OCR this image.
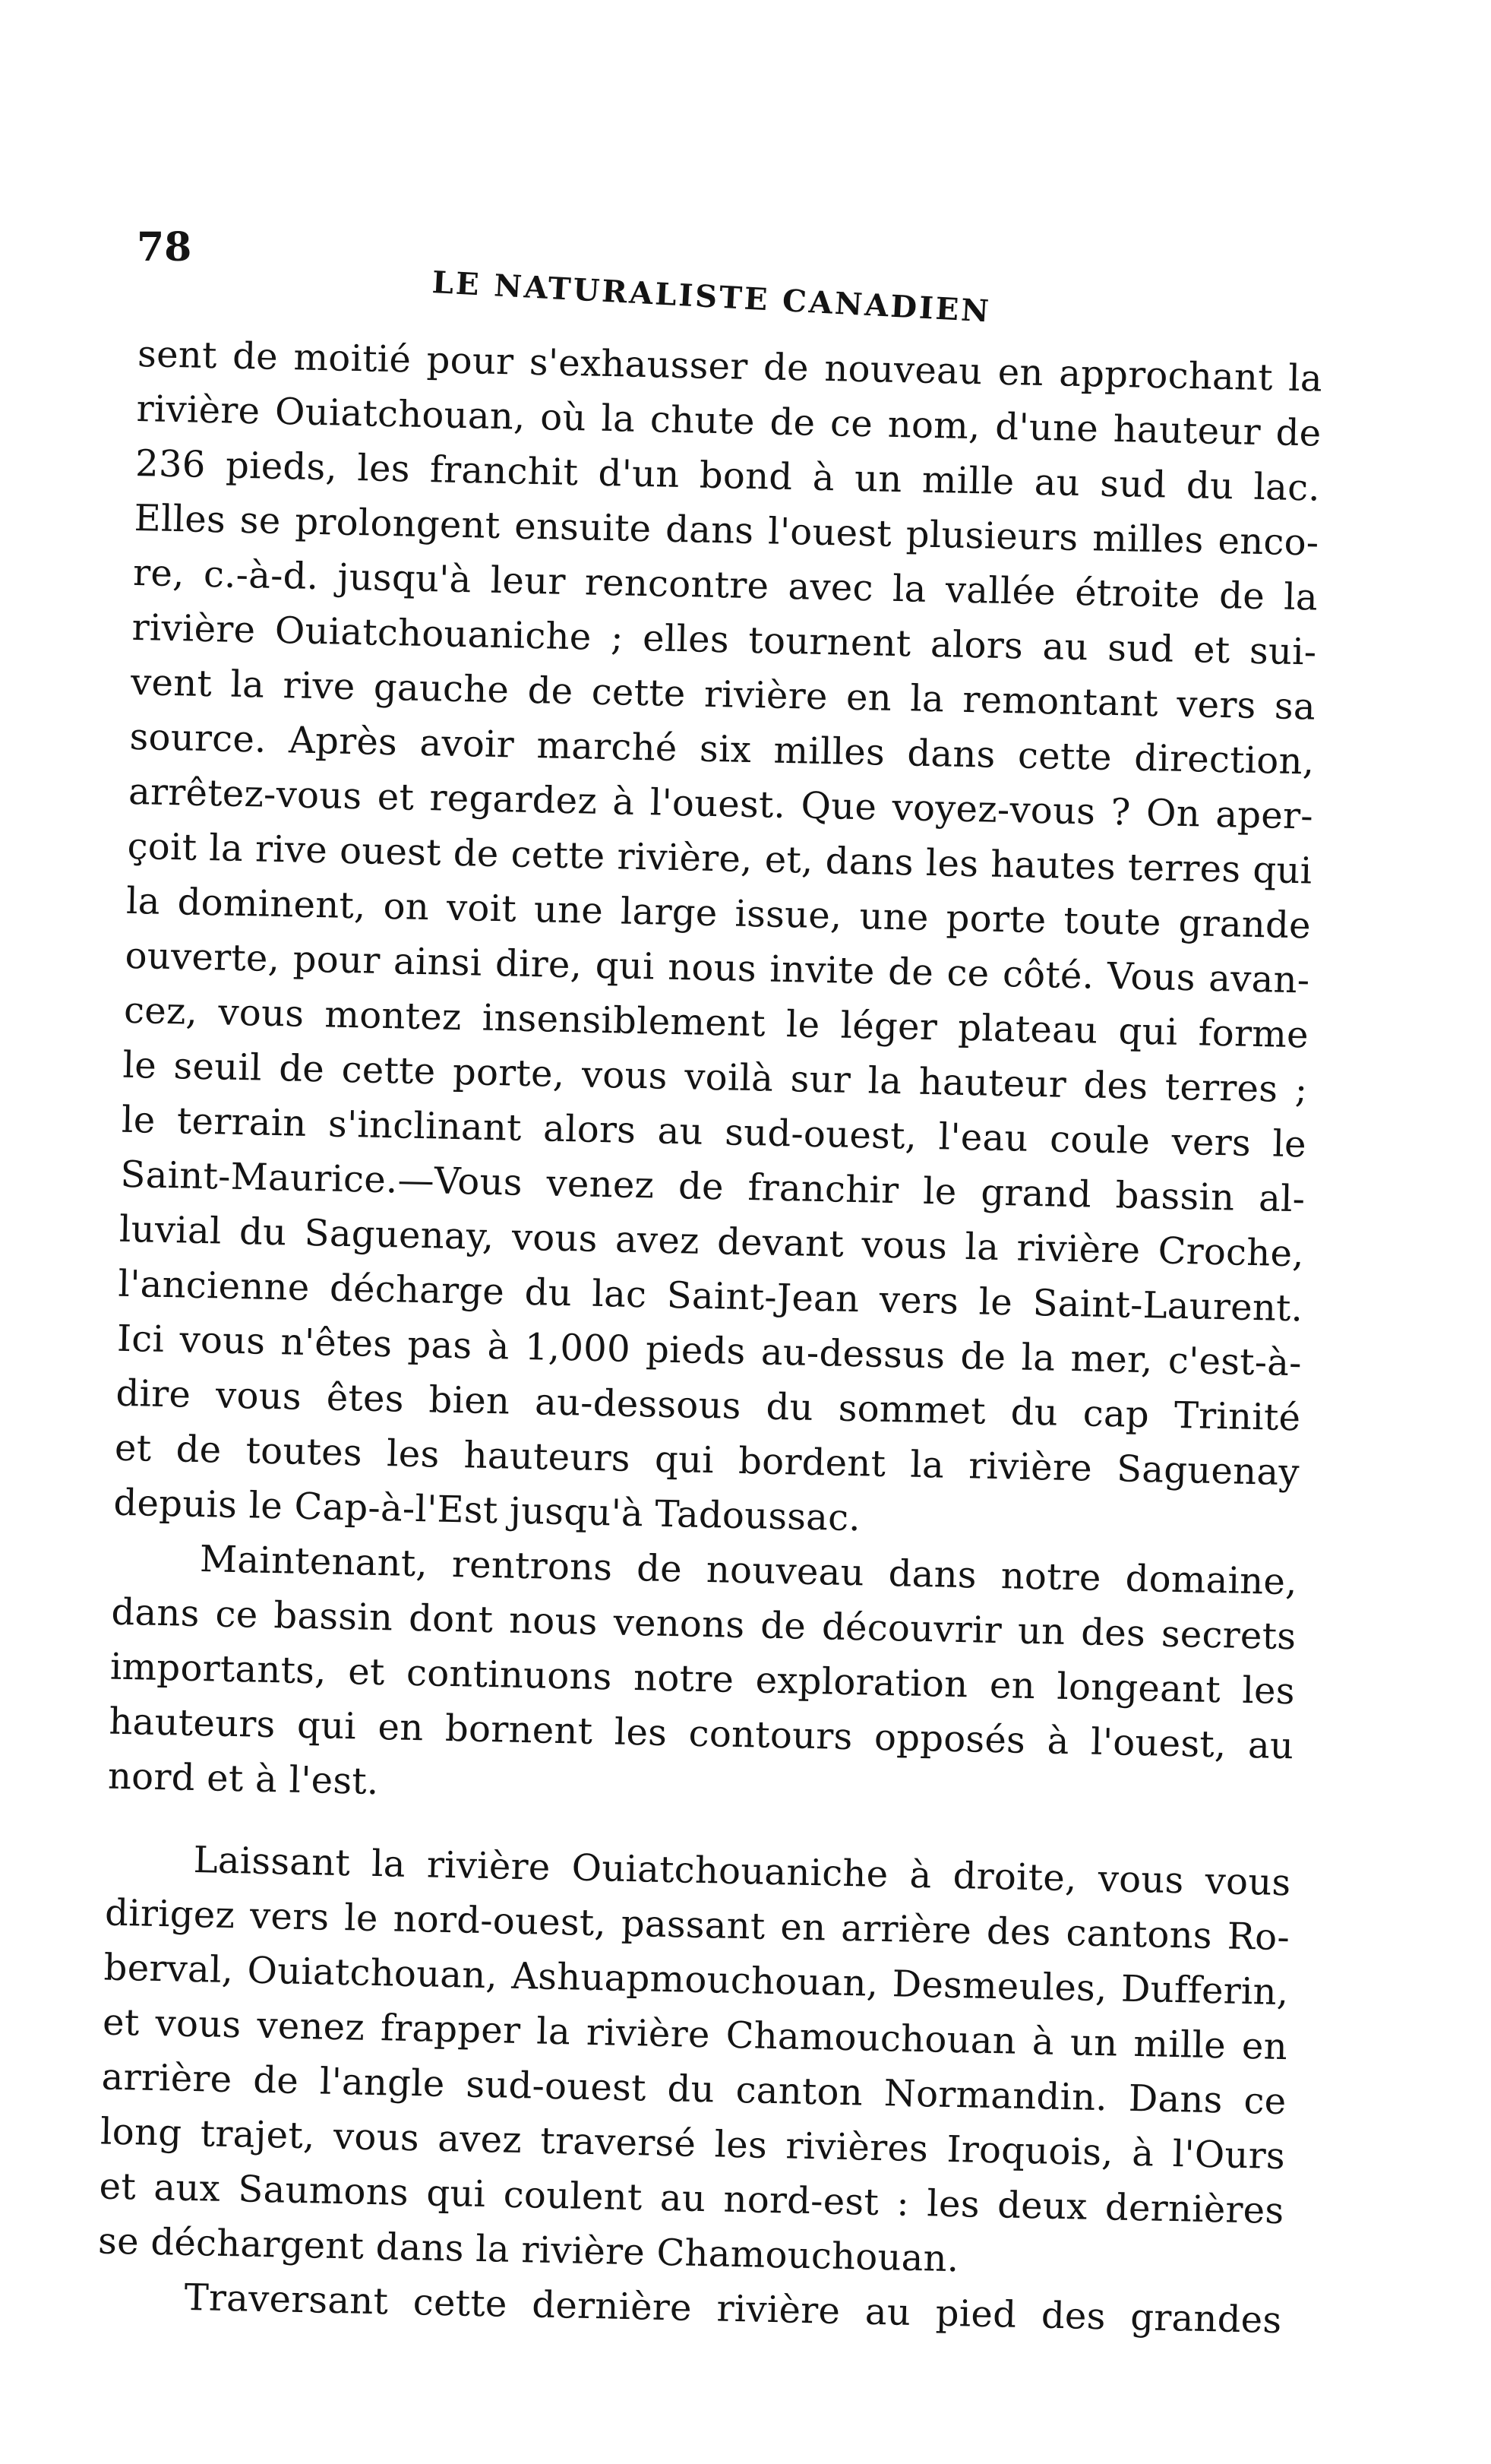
78
LE NATURALISTE CANADIEN
sent de moitié pour s'exhausser de nouveau en approchant la
rivière Ouiatchouan, où la chute de ce nom, d'une hauteur de
236 pieds, les franchit d'un bond à un mille au sud du lac.
Elles se prolongent ensuite dans l'ouest plusieurs milles enco-
re, c.-à-d. jusqu'à leur rencontre avec la vallée étroite de la
rivière Ouiatchouaniche ; elles tournent alors au sud et sui-
vent la rive gauche de cette rivière en la remontant vers sa
source. Après avoir marché six milles dans cette direction,
arrêtez-vous et regardez à l'ouest. Que voyez-vous ? On aper-
çoit la rive ouest de cette rivière, et, dans les hautes terres qui
la dominent, on voit une large issue, une porte toute grande
ouverte, pour ainsi dire, qui nous invite de ce côté. Vous avan-
cez, vous montez insensiblement le léger plateau qui forme
le seuil de cette porte, vous voilà sur la hauteur des terres ;
le terrain s'inclinant alors au sud-ouest, l'eau coule vers le
Saint-Maurice.—Vous venez de franchir le grand bassin al-
luvial du Saguenay, vous avez devant vous la rivière Croche,
l'ancienne décharge du lac Saint-Jean vers le Saint-Laurent.
Ici vous n'êtes pas à 1,000 pieds au-dessus de la mer, c'est-à-
dire vous êtes bien au-dessous du sommet du cap Trinité
et de toutes les hauteurs qui bordent la rivière Saguenay
depuis le Cap-à-l'Est jusqu'à Tadoussac.
Maintenant, rentrons de nouveau dans notre domaine,
dans ce bassin dont nous venons de découvrir un des secrets
importants, et continuons notre exploration en longeant les
hauteurs qui en bornent les contours opposés à l'ouest, au
nord et à l'est.
Laissant la rivière Ouiatchouaniche à droite, vous vous
dirigez vers le nord-ouest, passant en arrière des cantons Ro-
berval, Ouiatchouan, Ashuapmouchouan, Desmeules, Dufferin,
et vous venez frapper la rivière Chamouchouan à un mille en
arrière de l'angle sud-ouest du canton Normandin. Dans ce
long trajet, vous avez traversé les rivières Iroquois, à l'Ours
et aux Saumons qui coulent au nord-est : les deux dernières
se déchargent dans la rivière Chamouchouan.
Traversant cette dernière rivière au pied des grandes
